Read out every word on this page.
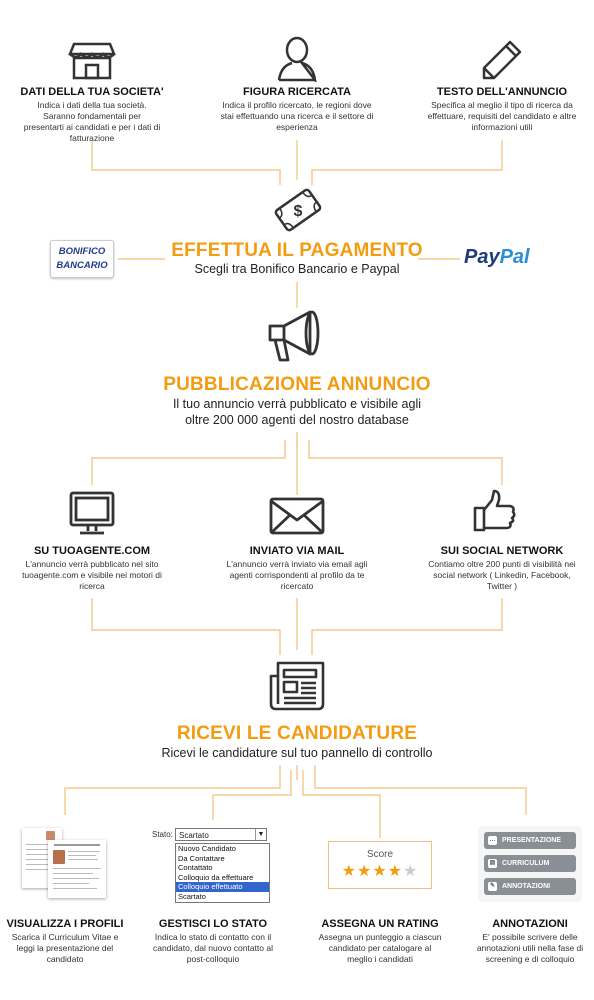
DATI DELLA TUA SOCIETA'
Indica i dati della tua società. Saranno fondamentali per presentarti ai candidati e per i dati di fatturazione
FIGURA RICERCATA
Indica il profilo ricercato, le regioni dove stai effettuando una ricerca e il settore di esperienza
TESTO DELL'ANNUNCIO
Specifica al meglio il tipo di ricerca da effettuare, requisiti del candidato e altre informazioni utili
$
BONIFICO
BANCARIO	PayPal
EFFETTUA IL PAGAMENTO
Scegli tra Bonifico Bancario e Paypal
PUBBLICAZIONE ANNUNCIO
Il tuo annuncio verrà pubblicato e visibile agli
oltre 200 000 agenti del nostro database
SU TUOAGENTE.COM
L'annuncio verrà pubblicato nel sito tuoagente.com e visibile nei motori di ricerca
INVIATO VIA MAIL
L'annuncio verrà inviato via email agli agenti corrispondenti al profilo da te ricercato
SUI SOCIAL NETWORK
Contiamo oltre 200 punti di visibilità nei social network ( Linkedin, Facebook, Twitter )
RICEVI LE CANDIDATURE
Ricevi le candidature sul tuo pannello di controllo
Stato: Scartato	▼
Nuovo Candidato
Da Contattare
Contattato
Colloquio da effettuare
Colloquio effettuato
Scartato
Score
★★★★★
… PRESENTAZIONE
▤ CURRICULUM
✎ ANNOTAZIONI
VISUALIZZA I PROFILI
Scarica il Curriculum Vitae e leggi la presentazione del candidato
GESTISCI LO STATO
Indica lo stato di contatto con il candidato, dal nuovo contatto al post-colloquio
ASSEGNA UN RATING
Assegna un punteggio a ciascun candidato per catalogare al meglio i candidati
ANNOTAZIONI
E' possibile scrivere delle annotazioni utili nella fase di screening e di colloquio
